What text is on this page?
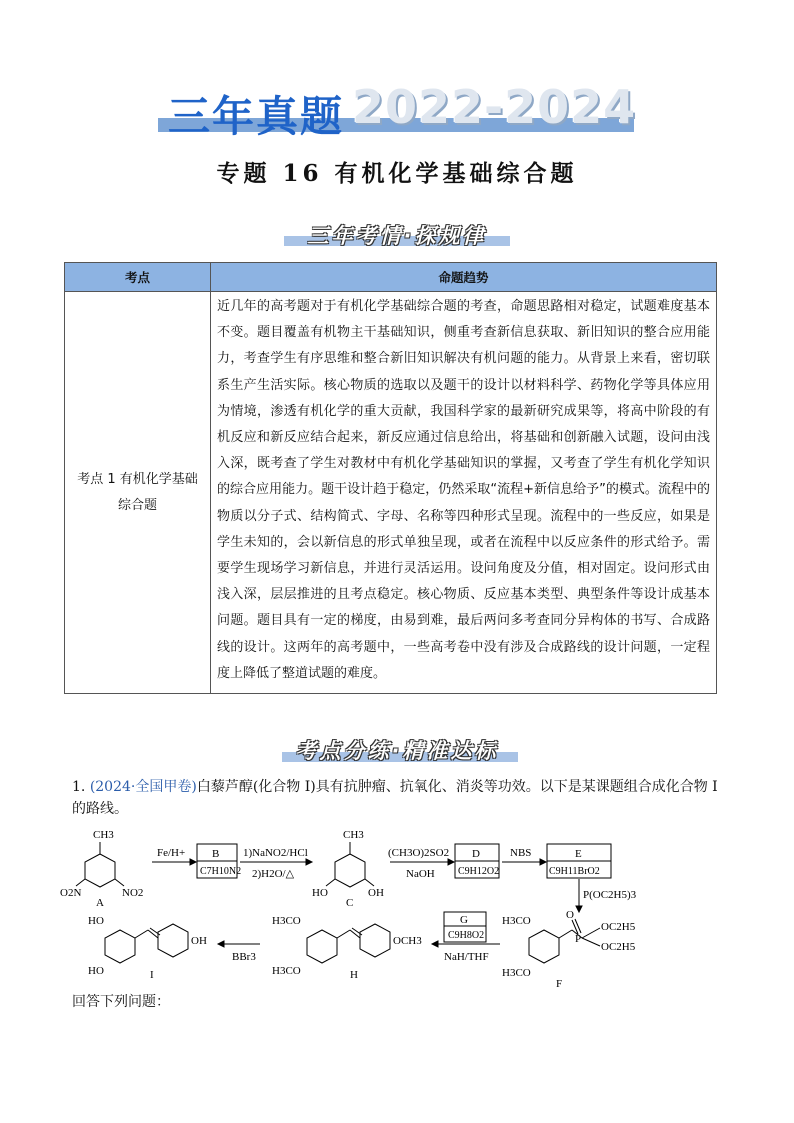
三年真题 2022-2024
专题 16 有机化学基础综合题
三年考情·探规律
考点	命题趋势
考点 1 有机化学基础综合题	近几年的高考题对于有机化学基础综合题的考查，命题思路相对稳定，试题难度基本不变。题目覆盖有机物主干基础知识，侧重考查新信息获取、新旧知识的整合应用能力，考查学生有序思维和整合新旧知识解决有机问题的能力。从背景上来看，密切联系生产生活实际。核心物质的选取以及题干的设计以材料科学、药物化学等具体应用为情境，渗透有机化学的重大贡献，我国科学家的最新研究成果等，将高中阶段的有机反应和新反应结合起来，新反应通过信息给出，将基础和创新融入试题，设问由浅入深，既考查了学生对教材中有机化学基础知识的掌握，又考查了学生有机化学知识的综合应用能力。题干设计趋于稳定，仍然采取“流程+新信息给予”的模式。流程中的物质以分子式、结构简式、字母、名称等四种形式呈现。流程中的一些反应，如果是学生未知的，会以新信息的形式单独呈现，或者在流程中以反应条件的形式给予。需要学生现场学习新信息，并进行灵活运用。设问角度及分值，相对固定。设问形式由浅入深，层层推进的且考点稳定。核心物质、反应基本类型、典型条件等设计成基本问题。题目具有一定的梯度，由易到难，最后两问多考查同分异构体的书写、合成路线的设计。这两年的高考题中，一些高考卷中没有涉及合成路线的设计问题，一定程度上降低了整道试题的难度。
考点分练·精准达标
1. (2024·全国甲卷)白藜芦醇(化合物 I)具有抗肿瘤、抗氧化、消炎等功效。以下是某课题组合成化合物 I 的路线。
CH3
O2N	NO2
A
Fe/H+ B
C7H10N2
1)NaNO2/HCl
2)H2O/△
CH3
HO	OH
C
(CH3O)2SO2
NaOH
D
C9H12O2
NBS	E
C9H11BrO2
P(OC2H5)3
H3CO
H3CO
O
P
OC2H5
OC2H5
F
G
C9H8O2
NaH/THF
H3CO
H3CO
OCH3
H
BBr3
HO
HO
OH
I
回答下列问题：
